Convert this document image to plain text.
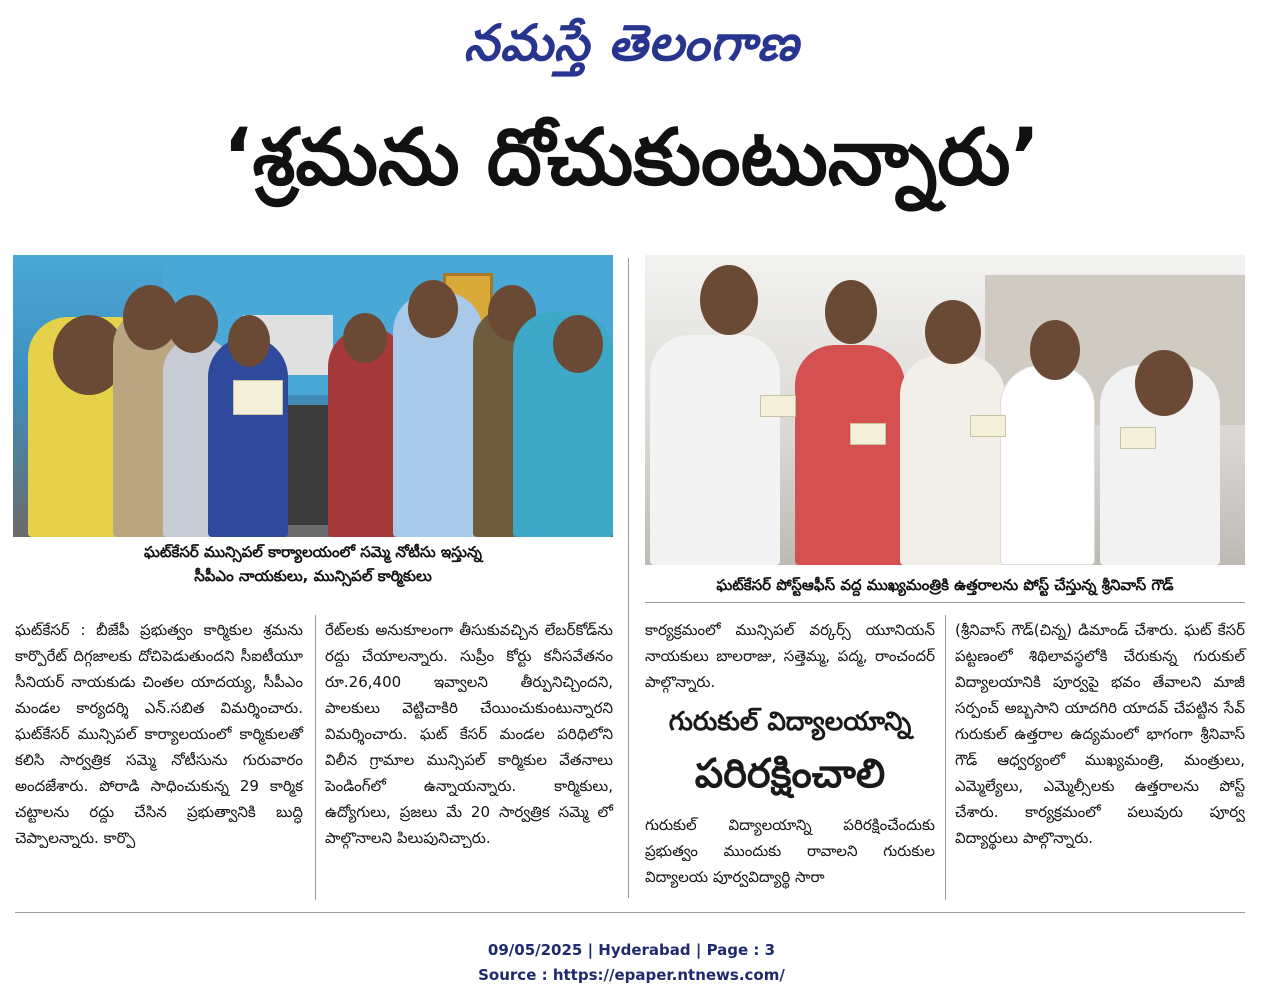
నమస్తే తెలంగాణ
‘శ్రమను దోచుకుంటున్నారు’
ఘట్‌కేసర్ మున్సిపల్ కార్యాలయంలో సమ్మె నోటీసు ఇస్తున్న
సీపీఎం నాయకులు, మున్సిపల్ కార్మికులు	ఘట్‌కేసర్ పోస్ట్ఆఫీస్ వద్ద ముఖ్యమంత్రికి ఉత్తరాలను పోస్ట్ చేస్తున్న శ్రీనివాస్ గౌడ్

ఘట్‌కేసర్ : బీజేపీ ప్రభుత్వం కార్మికుల శ్రమను కార్పొరేట్ దిగ్గజాలకు దోచిపెడుతుందని సీఐటీయూ సీనియర్ నాయకుడు చింతల యాదయ్య, సీపీఎం మండల కార్యదర్శి ఎన్.సబిత విమర్శించారు. ఘట్‌కేసర్ మున్సిపల్ కార్యాలయంలో కార్మికులతో కలిసి సార్వత్రిక సమ్మె నోటీసును గురువారం అందజేశారు. పోరాడి సాధించుకున్న 29 కార్మిక చట్టాలను రద్దు చేసిన ప్రభుత్వానికి బుద్ధి చెప్పాలన్నారు. కార్పొ

రేట్‌లకు అనుకూలంగా తీసుకువచ్చిన లేబర్‌కోడ్‌ను రద్దు చేయాలన్నారు. సుప్రీం కోర్టు కనీసవేతనం రూ.26,400 ఇవ్వాలని తీర్పునిచ్చిందని, పాలకులు వెట్టిచాకిరి చేయించుకుంటున్నారని విమర్శించారు. ఘట్ కేసర్ మండల పరిధిలోని విలీన గ్రామాల మున్సిపల్ కార్మికుల వేతనాలు పెండింగ్‌లో ఉన్నాయన్నారు. కార్మికులు, ఉద్యోగులు, ప్రజలు మే 20 సార్వత్రిక సమ్మె లో పాల్గొనాలని పిలుపునిచ్చారు.

కార్యక్రమంలో మున్సిపల్ వర్కర్స్ యూనియన్ నాయకులు బాలరాజు, సత్తెమ్మ, పద్మ, రాంచందర్ పాల్గొన్నారు.

గురుకుల్ విద్యాలయాన్ని
పరిరక్షించాలి

గురుకుల్ విద్యాలయాన్ని పరిరక్షించేందుకు ప్రభుత్వం ముందుకు రావాలని గురుకుల విద్యాలయ పూర్వవిద్యార్థి సారా

(శ్రీనివాస్ గౌడ్(చిన్న) డిమాండ్ చేశారు. ఘట్ కేసర్ పట్టణంలో శిథిలావస్థలోకి చేరుకున్న గురుకుల్ విద్యాలయానికి పూర్వపై భవం తేవాలని మాజీ సర్పంచ్ అబ్బసాని యాదగిరి యాదవ్ చేపట్టిన సేవ్ గురుకుల్ ఉత్తరాల ఉద్యమంలో భాగంగా శ్రీనివాస్ గౌడ్ ఆధ్వర్యంలో ముఖ్యమంత్రి, మంత్రులు, ఎమ్మెల్యేలు, ఎమ్మెల్సీలకు ఉత్తరాలను పోస్ట్ చేశారు. కార్యక్రమంలో పలువురు పూర్వ విద్యార్థులు పాల్గొన్నారు.

09/05/2025 | Hyderabad | Page : 3
Source : https://epaper.ntnews.com/
